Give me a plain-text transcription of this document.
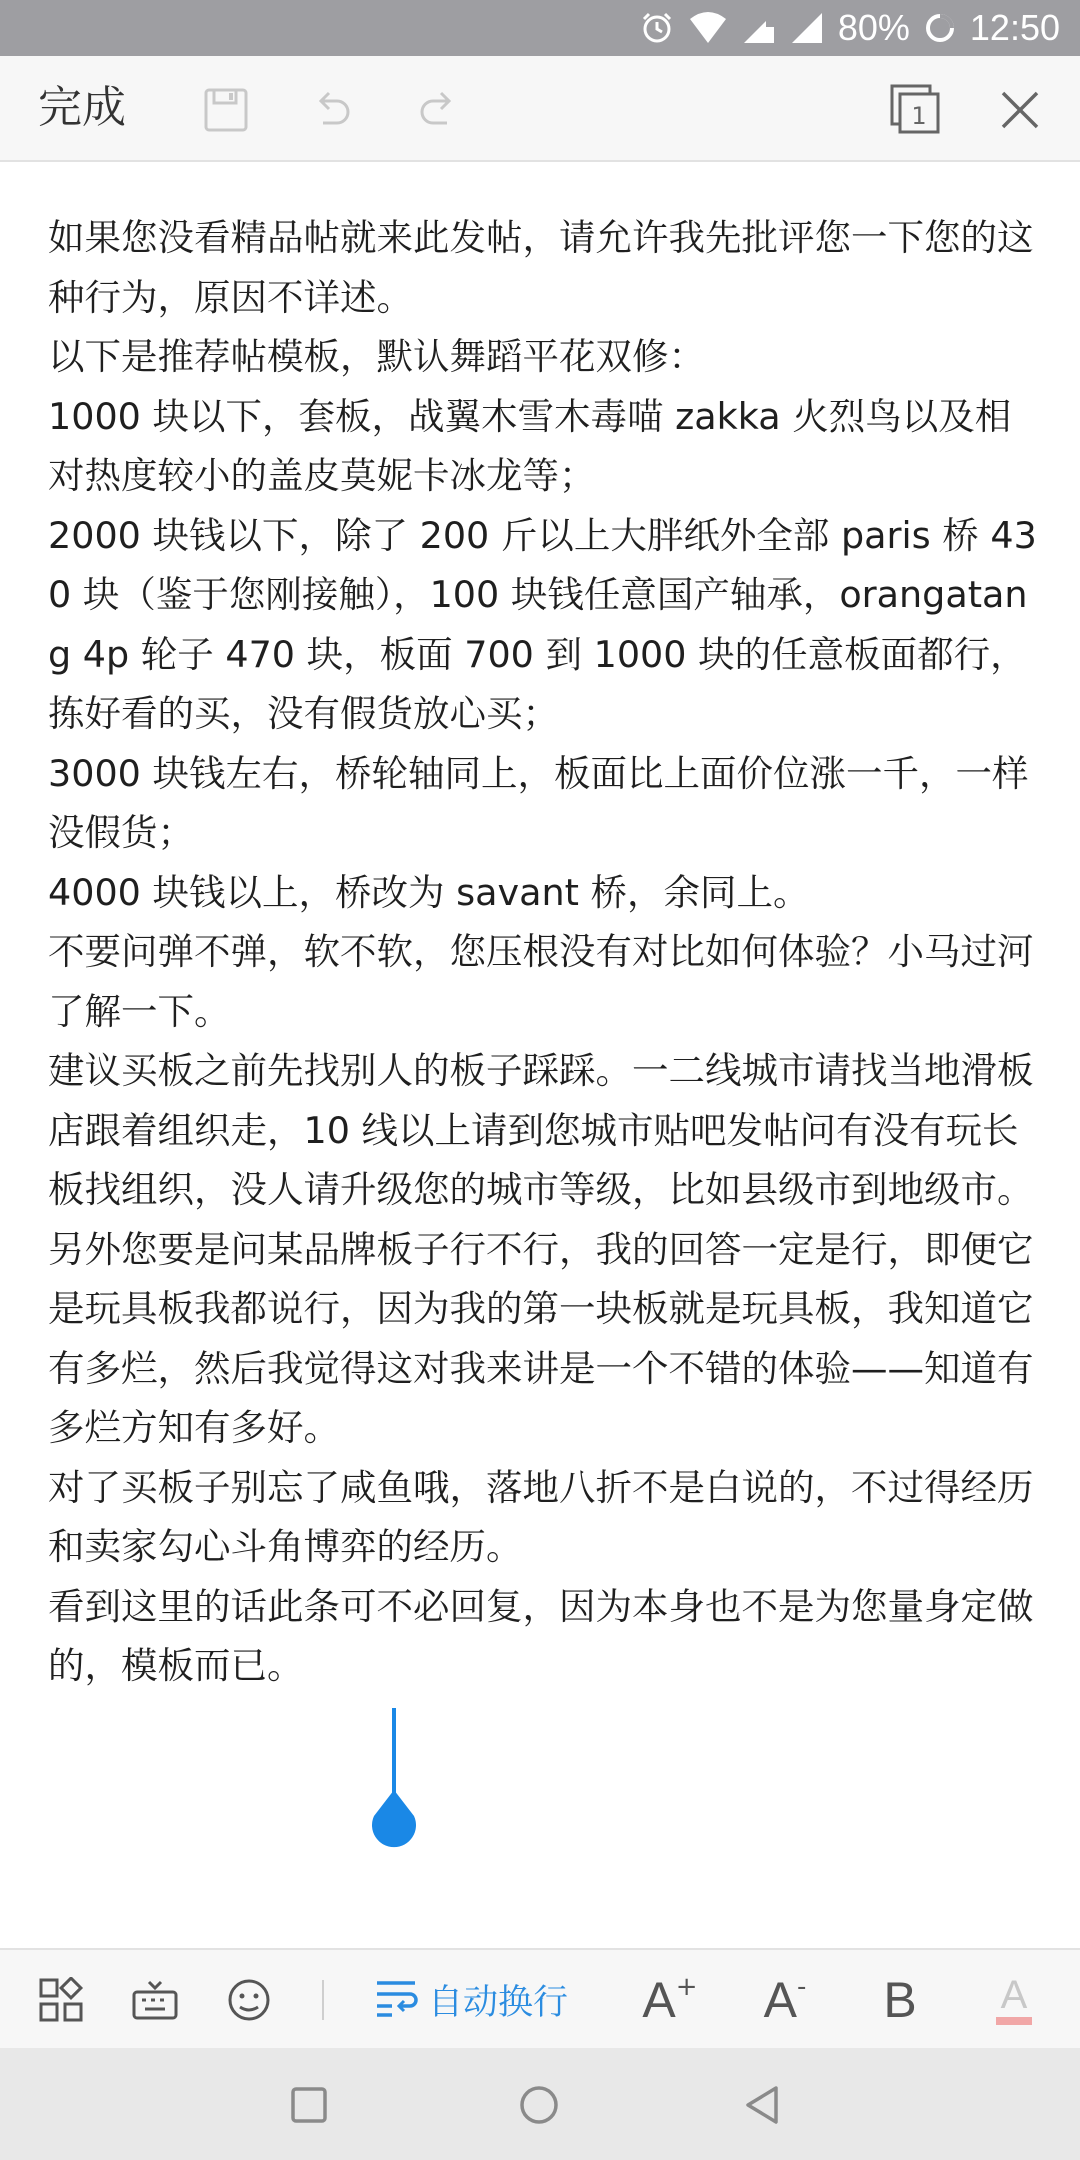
80% 12:50
完成	1

如果您没看精品帖就来此发帖，请允许我先批评您一下您的这种行为，原因不详述。

以下是推荐帖模板，默认舞蹈平花双修：

1000 块以下，套板，战翼木雪木毒喵 zakka 火烈鸟以及相对热度较小的盖皮莫妮卡冰龙等；

2000 块钱以下，除了 200 斤以上大胖纸外全部 paris 桥 430 块（鉴于您刚接触），100 块钱任意国产轴承，orangatang 4p 轮子 470 块，板面 700 到 1000 块的任意板面都行，拣好看的买，没有假货放心买；

3000 块钱左右，桥轮轴同上，板面比上面价位涨一千，一样没假货；

4000 块钱以上，桥改为 savant 桥，余同上。

不要问弹不弹，软不软，您压根没有对比如何体验？小马过河了解一下。

建议买板之前先找别人的板子踩踩。一二线城市请找当地滑板店跟着组织走，10 线以上请到您城市贴吧发帖问有没有玩长板找组织，没人请升级您的城市等级，比如县级市到地级市。

另外您要是问某品牌板子行不行，我的回答一定是行，即便它是玩具板我都说行，因为我的第一块板就是玩具板，我知道它有多烂，然后我觉得这对我来讲是一个不错的体验——知道有多烂方知有多好。

对了买板子别忘了咸鱼哦，落地八折不是白说的，不过得经历和卖家勾心斗角博弈的经历。

看到这里的话此条可不必回复，因为本身也不是为您量身定做的，模板而已。

自动换行 A + A - B A
